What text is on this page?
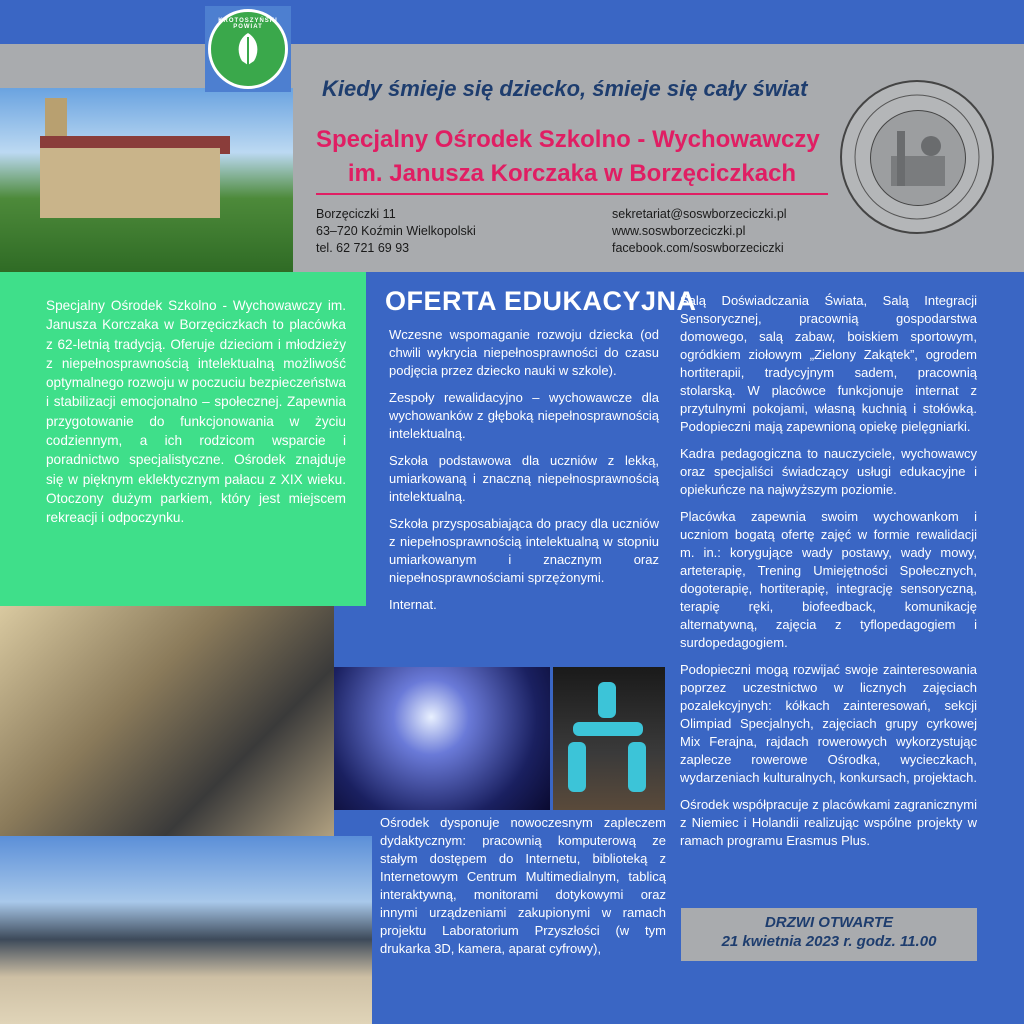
KROTOSZYŃSKI POWIAT
Kiedy śmieje się dziecko, śmieje się cały świat
Specjalny Ośrodek Szkolno - Wychowawczy
im. Janusza Korczaka w Borzęciczkach
Borzęciczki 11
63–720 Koźmin Wielkopolski
tel. 62 721 69 93
sekretariat@soswborzeciczki.pl
www.soswborzeciczki.pl
facebook.com/soswborzeciczki
Specjalny Ośrodek Szkolno - Wychowawczy im. Janusza Korczaka w Borzęciczkach to placówka z 62-letnią tradycją. Oferuje dzieciom i młodzieży z niepełnosprawnością intelektualną możliwość optymalnego rozwoju w poczuciu bezpieczeństwa i stabilizacji emocjonalno – społecznej. Zapewnia przygotowanie do funkcjonowania w życiu codziennym, a ich rodzicom wsparcie i poradnictwo specjalistyczne. Ośrodek znajduje się w pięknym eklektycznym pałacu z XIX wieku. Otoczony dużym parkiem, który jest miejscem rekreacji i odpoczynku.
OFERTA EDUKACYJNA

Wczesne wspomaganie rozwoju dziecka (od chwili wykrycia niepełnosprawności do czasu podjęcia przez dziecko nauki w szkole).

Zespoły rewalidacyjno – wychowawcze dla wychowanków z głęboką niepełnosprawnością intelektualną.

Szkoła podstawowa dla uczniów z lekką, umiarkowaną i znaczną niepełnosprawnością intelektualną.

Szkoła przysposabiająca do pracy dla uczniów z niepełnosprawnością intelektualną w stopniu umiarkowanym i znacznym oraz niepełnosprawnościami sprzężonymi.

Internat.

Salą Doświadczania Świata, Salą Integracji Sensorycznej, pracownią gospodarstwa domowego, salą zabaw, boiskiem sportowym, ogródkiem ziołowym „Zielony Zakątek”, ogrodem hortiterapii, tradycyjnym sadem, pracownią stolarską. W placówce funkcjonuje internat z przytulnymi pokojami, własną kuchnią i stołówką. Podopieczni mają zapewnioną opiekę pielęgniarki.

Kadra pedagogiczna to nauczyciele, wychowawcy oraz specjaliści świadczący usługi edukacyjne i opiekuńcze na najwyższym poziomie.

Placówka zapewnia swoim wychowankom i uczniom bogatą ofertę zajęć w formie rewalidacji m. in.: korygujące wady postawy, wady mowy, arteterapię, Trening Umiejętności Społecznych, dogoterapię, hortiterapię, integrację sensoryczną, terapię ręki, biofeedback, komunikację alternatywną, zajęcia z tyflopedagogiem i surdopedagogiem.

Podopieczni mogą rozwijać swoje zainteresowania poprzez uczestnictwo w licznych zajęciach pozalekcyjnych: kółkach zainteresowań, sekcji Olimpiad Specjalnych, zajęciach grupy cyrkowej Mix Ferajna, rajdach rowerowych wykorzystując zaplecze rowerowe Ośrodka, wycieczkach, wydarzeniach kulturalnych, konkursach, projektach.

Ośrodek współpracuje z placówkami zagranicznymi z Niemiec i Holandii realizując wspólne projekty w ramach programu Erasmus Plus.

Ośrodek dysponuje nowoczesnym zapleczem dydaktycznym: pracownią komputerową ze stałym dostępem do Internetu, biblioteką z Internetowym Centrum Multimedialnym, tablicą interaktywną, monitorami dotykowymi oraz innymi urządzeniami zakupionymi w ramach projektu Laboratorium Przyszłości (w tym drukarka 3D, kamera, aparat cyfrowy),
DRZWI OTWARTE
21 kwietnia 2023 r. godz. 11.00
